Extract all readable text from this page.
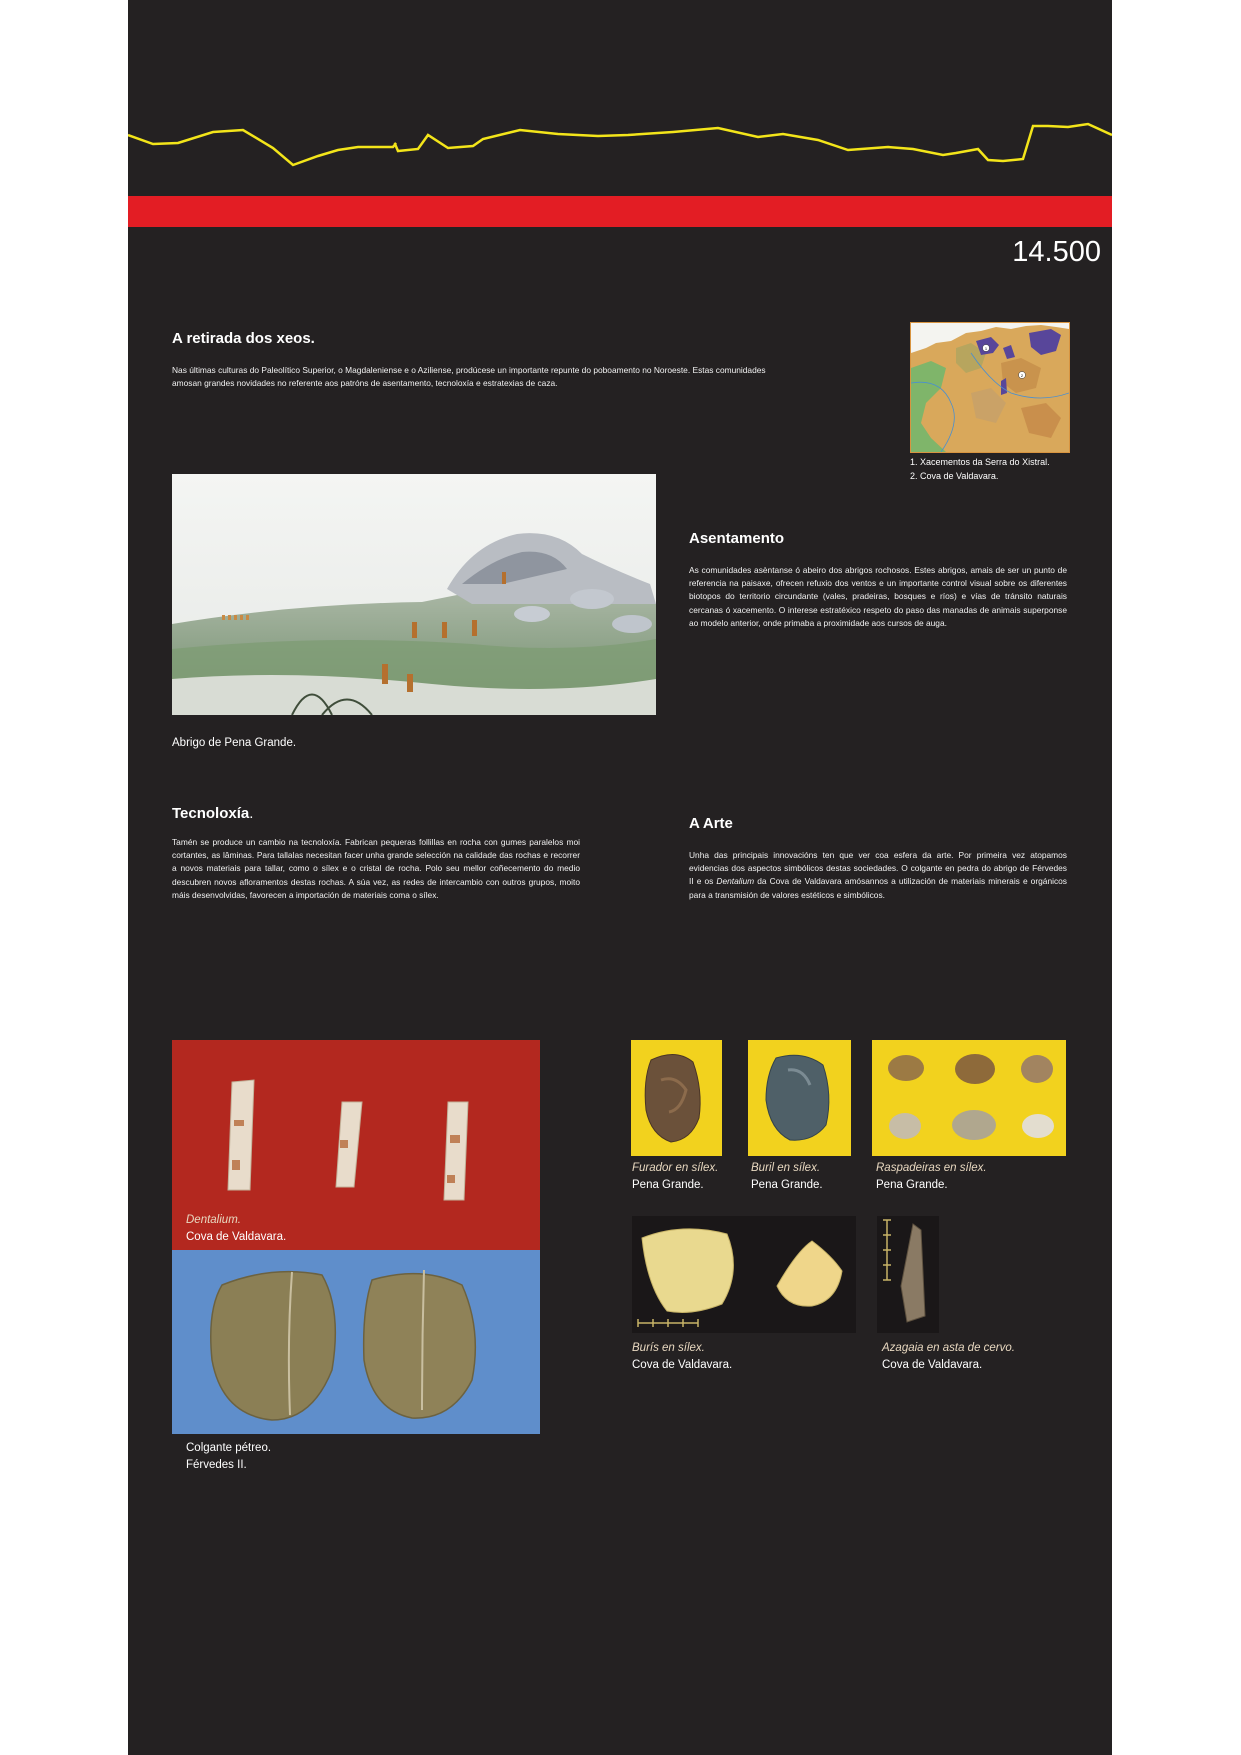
14.500
A retirada dos xeos.

Nas últimas culturas do Paleolítico Superior, o Magdaleniense e o Aziliense, prodúcese un importante repunte do poboamento no Noroeste. Estas comunidades amosan grandes novidades no referente aos patróns de asentamento, tecnoloxía e estratexias de caza.

1
2
1. Xacementos da Serra do Xistral.
2. Cova de Valdavara.
Abrigo de Pena Grande.
Asentamento

As comunidades asèntanse ó abeiro dos abrigos rochosos. Estes abrigos, amais de ser un punto de referencia na paisaxe, ofrecen refuxio dos ventos e un importante control visual sobre os diferentes biotopos do territorio circundante (vales, pradeiras, bosques e ríos) e vías de tránsito naturais cercanas ó xacemento. O interese estratéxico respeto do paso das manadas de animais superponse ao modelo anterior, onde primaba a proximidade aos cursos de auga.

Tecnoloxía.

Tamén se produce un cambio na tecnoloxía. Fabrican pequeras follillas en rocha con gumes paralelos moi cortantes, as lâminas. Para tallalas necesitan facer unha grande selección na calidade das rochas e recorrer a novos materiais para tallar, como o sílex e o cristal de rocha. Polo seu mellor coñecemento do medio descubren novos afloramentos destas rochas. A súa vez, as redes de intercambio con outros grupos, moito máis desenvolvidas, favorecen a importación de materiais coma o sílex.

A Arte

Unha das principais innovacións ten que ver coa esfera da arte. Por primeira vez atopamos evidencias dos aspectos simbólicos destas sociedades. O colgante en pedra do abrigo de Férvedes II e os Dentalium da Cova de Valdavara amósannos a utilización de materiais minerais e orgánicos para a transmisión de valores estéticos e simbólicos.

Dentalium.
Cova de Valdavara.
Colgante pétreo.
Férvedes II.
Furador en sílex.
Pena Grande.
Buril en sílex.
Pena Grande.
Raspadeiras en sílex.
Pena Grande.
Burís en sílex.
Cova de Valdavara.
Azagaia en asta de cervo.
Cova de Valdavara.
